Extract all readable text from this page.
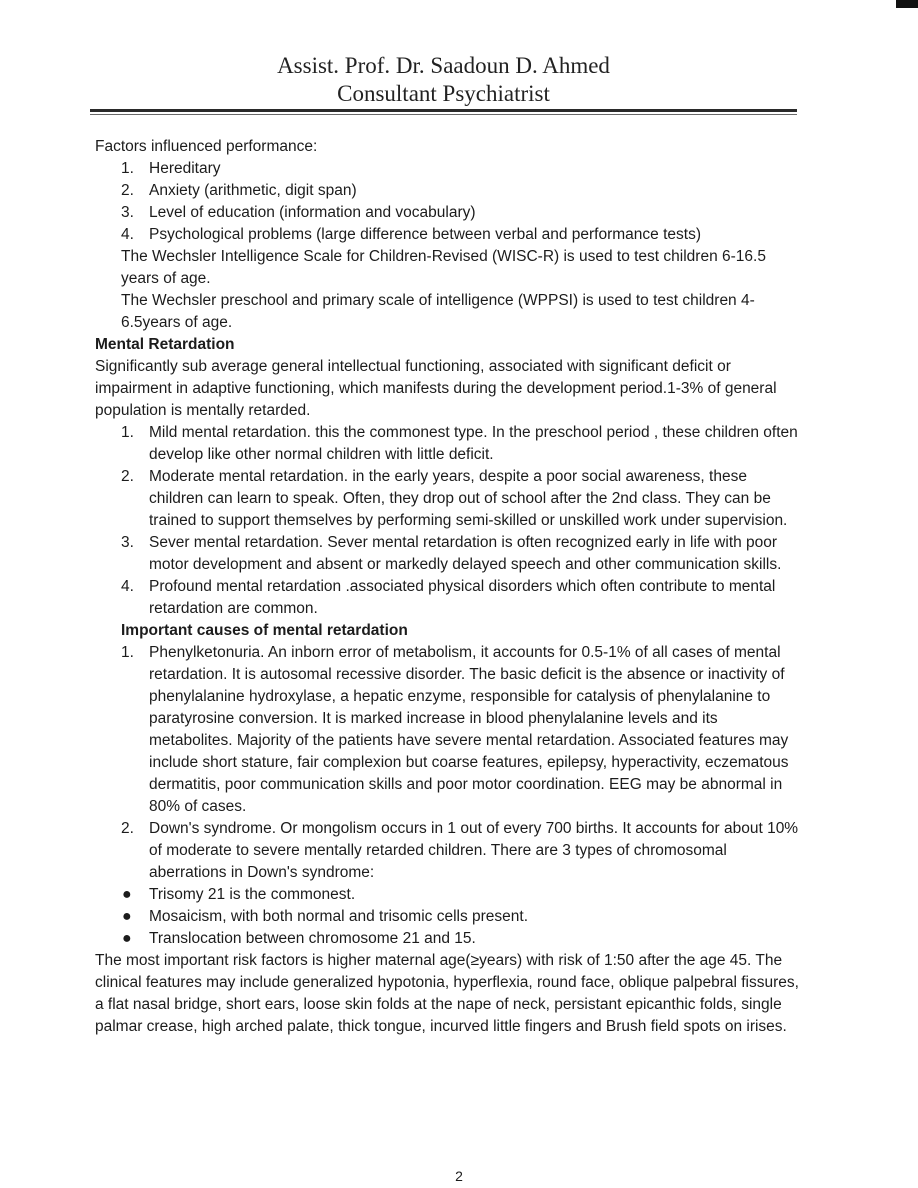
Assist. Prof. Dr. Saadoun D. Ahmed
Consultant Psychiatrist

Factors influenced performance:

1. Hereditary
2. Anxiety (arithmetic, digit span)
3. Level of education (information and vocabulary)
4. Psychological problems (large difference between verbal and performance tests)

The Wechsler Intelligence Scale for Children-Revised (WISC-R) is used to test children 6-16.5 years of age.

The Wechsler preschool and primary scale of intelligence (WPPSI) is used to test children 4-6.5years of age.

Mental Retardation

Significantly sub average general intellectual functioning, associated with significant deficit or impairment in adaptive functioning, which manifests during the development period.1-3% of general population is mentally retarded.

1. Mild mental retardation. this the commonest type. In the preschool period , these children often develop like other normal children with little deficit.
2. Moderate mental retardation. in the early years, despite a poor social awareness, these children can learn to speak. Often, they drop out of school after the 2nd class. They can be trained to support themselves by performing semi-skilled or unskilled work under supervision.
3. Sever mental retardation. Sever mental retardation is often recognized early in life with poor motor development and absent or markedly delayed speech and other communication skills.
4. Profound mental retardation .associated physical disorders which often contribute to mental retardation are common.

Important causes of mental retardation

1. Phenylketonuria. An inborn error of metabolism, it accounts for 0.5-1% of all cases of mental retardation. It is autosomal recessive disorder. The basic deficit is the absence or inactivity of phenylalanine hydroxylase, a hepatic enzyme, responsible for catalysis of phenylalanine to paratyrosine conversion. It is marked increase in blood phenylalanine levels and its metabolites. Majority of the patients have severe mental retardation. Associated features may include short stature, fair complexion but coarse features, epilepsy, hyperactivity, eczematous dermatitis, poor communication skills and poor motor coordination. EEG may be abnormal in 80% of cases.
2. Down's syndrome. Or mongolism occurs in 1 out of every 700 births. It accounts for about 10% of moderate to severe mentally retarded children. There are 3 types of chromosomal aberrations in Down's syndrome:
● Trisomy 21 is the commonest.
● Mosaicism, with both normal and trisomic cells present.
● Translocation between chromosome 21 and 15.

The most important risk factors is higher maternal age(≥years) with risk of 1:50 after the age 45. The clinical features may include generalized hypotonia, hyperflexia, round face, oblique palpebral fissures, a flat nasal bridge, short ears, loose skin folds at the nape of neck, persistant epicanthic folds, single palmar crease, high arched palate, thick tongue, incurved little fingers and Brush field spots on irises.

2
